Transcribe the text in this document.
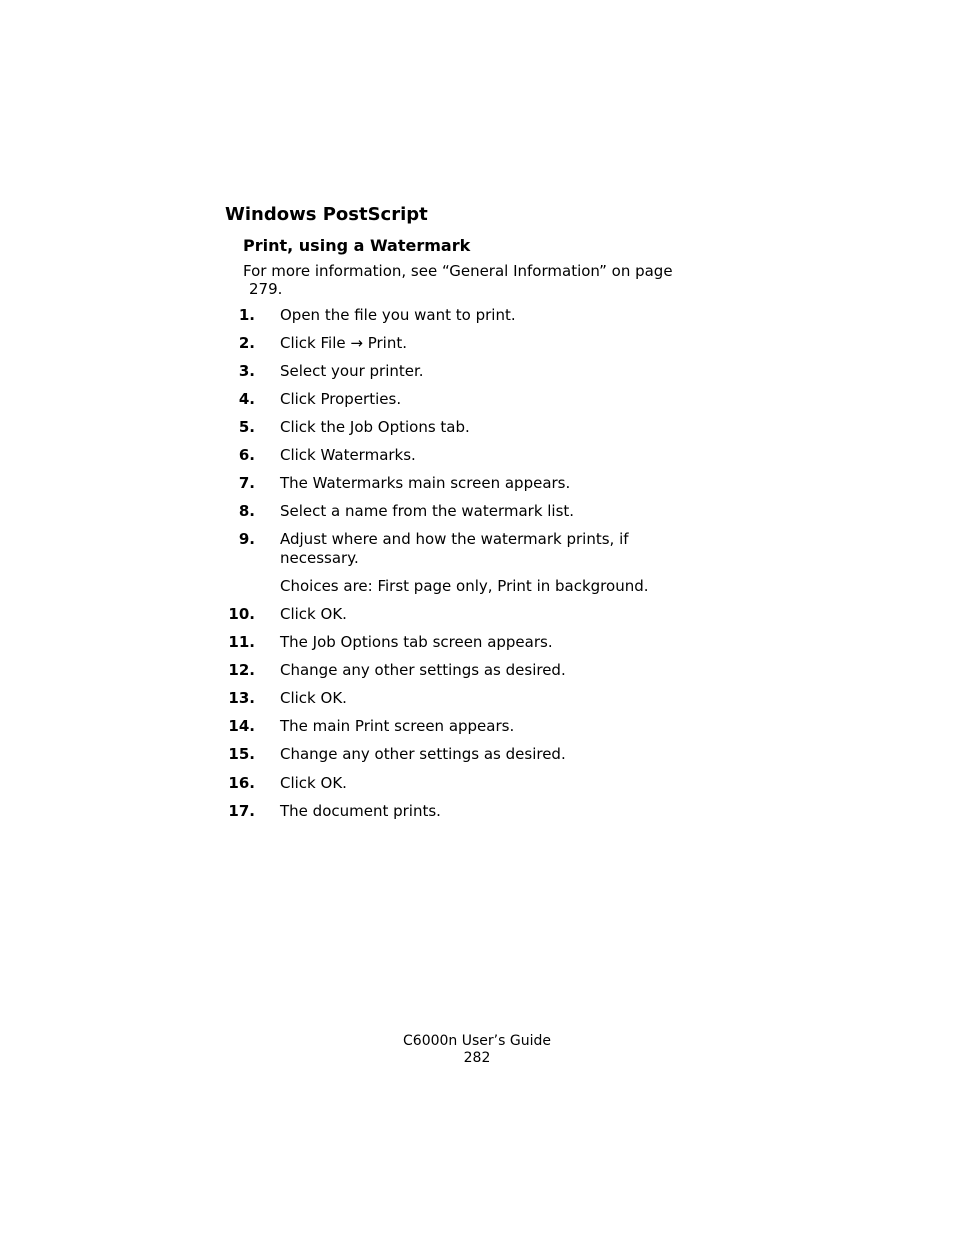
Windows PostScript
Print, using a Watermark

For more information, see “General Information” on page
279.

1. Open the file you want to print.
2. Click File → Print.
3. Select your printer.
4. Click Properties.
5. Click the Job Options tab.
6. Click Watermarks.
7. The Watermarks main screen appears.
8. Select a name from the watermark list.
9. Adjust where and how the watermark prints, if
necessary.
Choices are: First page only, Print in background.
10. Click OK.
11. The Job Options tab screen appears.
12. Change any other settings as desired.
13. Click OK.
14. The main Print screen appears.
15. Change any other settings as desired.
16. Click OK.
17. The document prints.
C6000n User’s Guide
282
